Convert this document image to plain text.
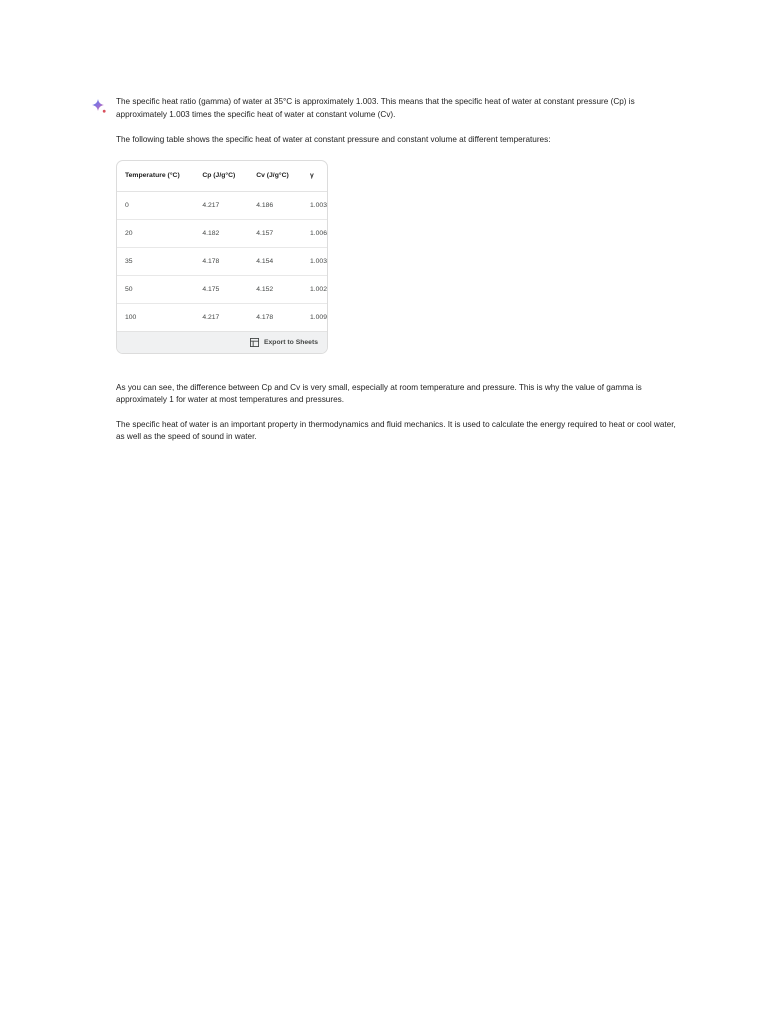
The specific heat ratio (gamma) of water at 35°C is approximately 1.003. This means that the specific heat of water at constant pressure (Cp) is approximately 1.003 times the specific heat of water at constant volume (Cv).

The following table shows the specific heat of water at constant pressure and constant volume at different temperatures:

Temperature (°C)	Cp (J/g°C)	Cv (J/g°C)	γ
0	4.217	4.186	1.003
20	4.182	4.157	1.006
35	4.178	4.154	1.003
50	4.175	4.152	1.002
100	4.217	4.178	1.009
Export to Sheets

As you can see, the difference between Cp and Cv is very small, especially at room temperature and pressure. This is why the value of gamma is approximately 1 for water at most temperatures and pressures.

The specific heat of water is an important property in thermodynamics and fluid mechanics. It is used to calculate the energy required to heat or cool water, as well as the speed of sound in water.
